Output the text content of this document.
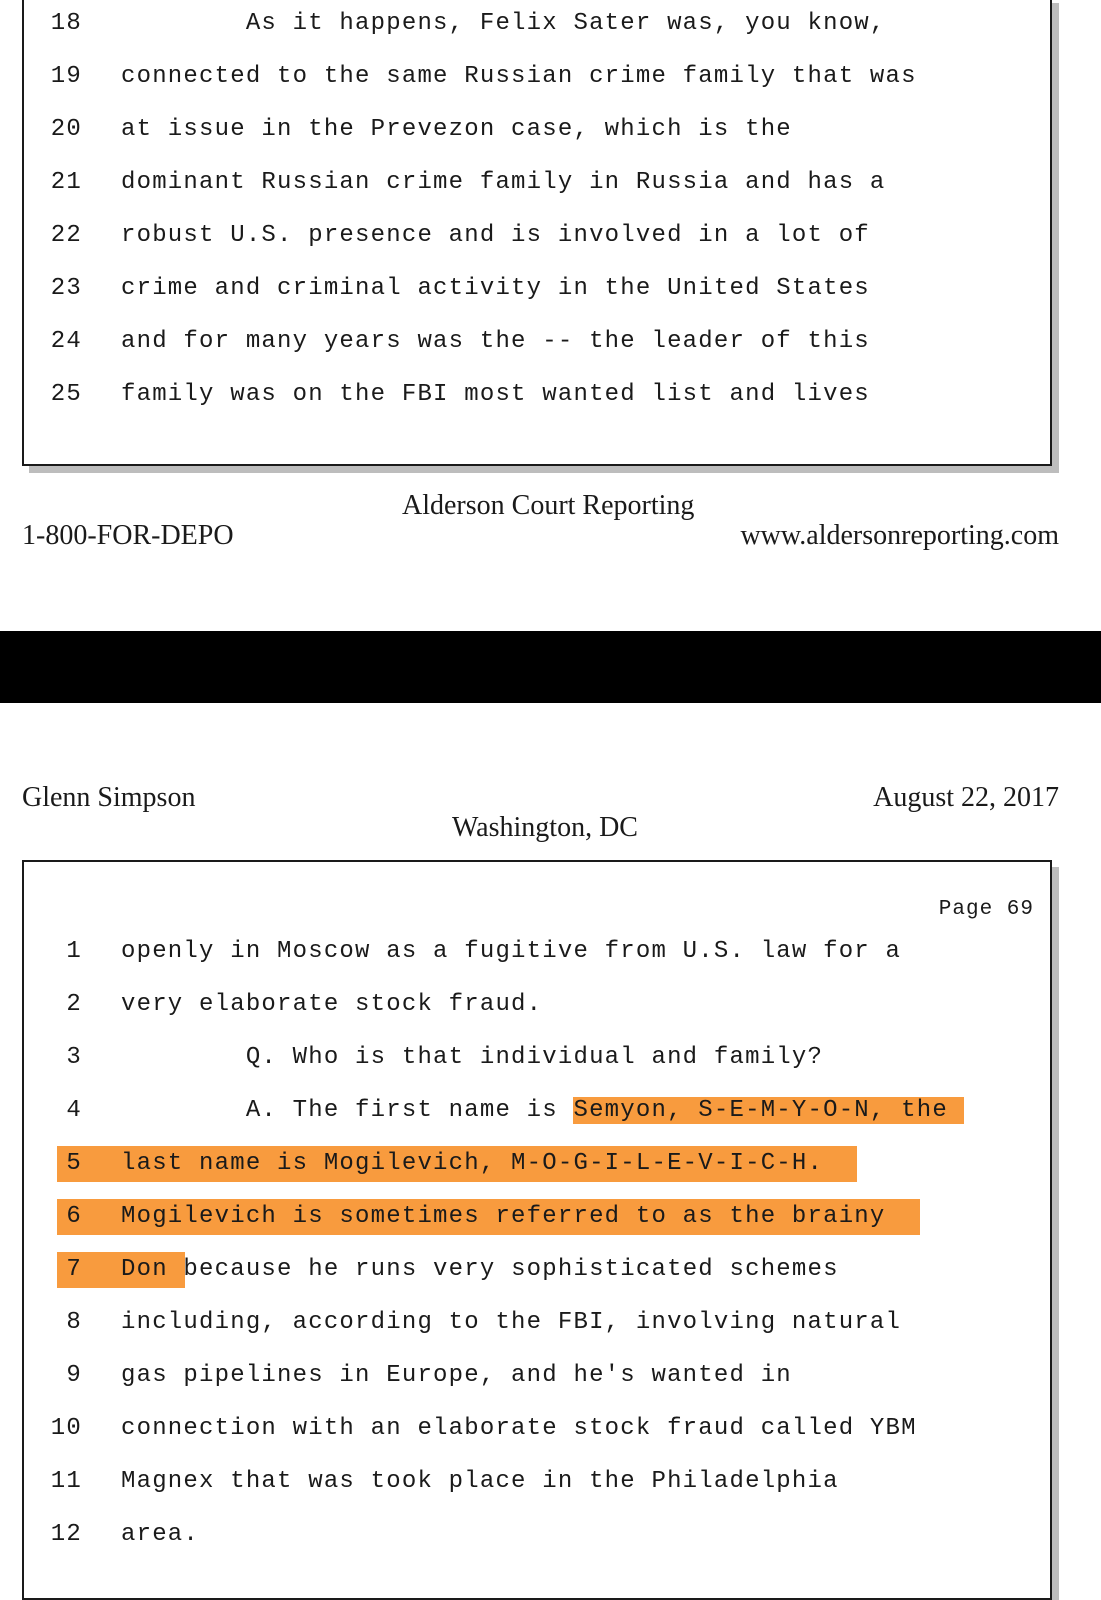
18 As it happens, Felix Sater was, you know,
19 connected to the same Russian crime family that was
20 at issue in the Prevezon case, which is the
21 dominant Russian crime family in Russia and has a
22 robust U.S. presence and is involved in a lot of
23 crime and criminal activity in the United States
24 and for many years was the -- the leader of this
25 family was on the FBI most wanted list and lives
Alderson Court Reporting
1-800-FOR-DEPO	www.aldersonreporting.com
Glenn Simpson	August 22, 2017
Washington, DC
Page 69
1 openly in Moscow as a fugitive from U.S. law for a
2 very elaborate stock fraud.
3 Q. Who is that individual and family?
4 A. The first name is Semyon, S-E-M-Y-O-N, the
5 last name is Mogilevich, M-O-G-I-L-E-V-I-C-H.
6 Mogilevich is sometimes referred to as the brainy
7 Don because he runs very sophisticated schemes
8 including, according to the FBI, involving natural
9 gas pipelines in Europe, and he's wanted in
10 connection with an elaborate stock fraud called YBM
11 Magnex that was took place in the Philadelphia
12 area.
